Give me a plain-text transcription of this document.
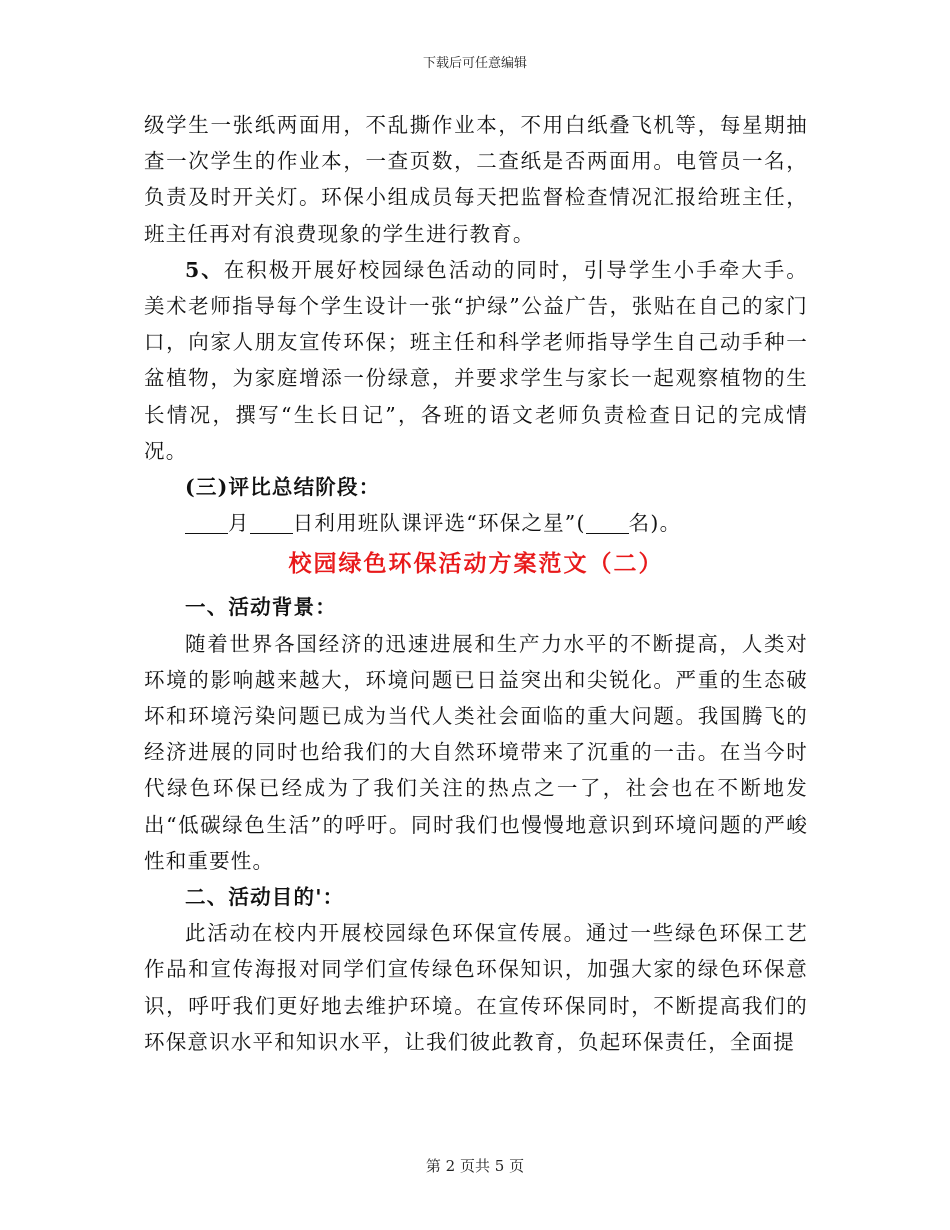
下载后可任意编辑

级学生一张纸两面用，不乱撕作业本，不用白纸叠飞机等，每星期抽查一次学生的作业本，一查页数，二查纸是否两面用。电管员一名，负责及时开关灯。环保小组成员每天把监督检查情况汇报给班主任，班主任再对有浪费现象的学生进行教育。

5、在积极开展好校园绿色活动的同时，引导学生小手牵大手。美术老师指导每个学生设计一张“护绿”公益广告，张贴在自己的家门口，向家人朋友宣传环保；班主任和科学老师指导学生自己动手种一盆植物，为家庭增添一份绿意，并要求学生与家长一起观察植物的生长情况，撰写“生长日记”，各班的语文老师负责检查日记的完成情况。

(三)评比总结阶段：

月 日利用班队课评选“环保之星”( 名)。

校园绿色环保活动方案范文（二）

一、活动背景：

随着世界各国经济的迅速进展和生产力水平的不断提高，人类对环境的影响越来越大，环境问题已日益突出和尖锐化。严重的生态破坏和环境污染问题已成为当代人类社会面临的重大问题。我国腾飞的经济进展的同时也给我们的大自然环境带来了沉重的一击。在当今时代绿色环保已经成为了我们关注的热点之一了，社会也在不断地发出“低碳绿色生活”的呼吁。同时我们也慢慢地意识到环境问题的严峻性和重要性。

二、活动目的'：

此活动在校内开展校园绿色环保宣传展。通过一些绿色环保工艺作品和宣传海报对同学们宣传绿色环保知识，加强大家的绿色环保意识，呼吁我们更好地去维护环境。在宣传环保同时，不断提高我们的环保意识水平和知识水平，让我们彼此教育，负起环保责任，全面提

第 2 页共 5 页
